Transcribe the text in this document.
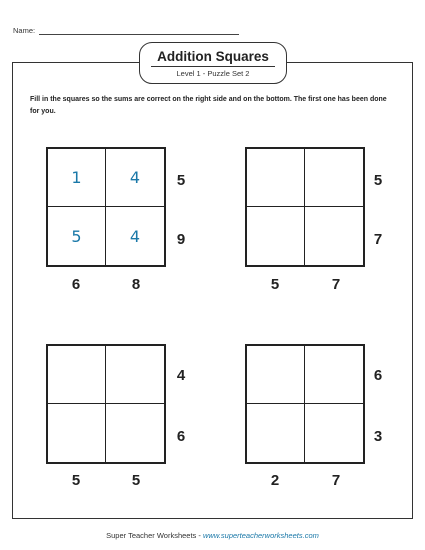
Name:
Addition Squares
Level 1 - Puzzle Set 2
Fill in the squares so the sums are correct on the right side and on the bottom. The first one has been done for you.
1	4
5	4
5
9
6	8
5
7
5	7
4
6
5	5
6
3
2	7
Super Teacher Worksheets - www.superteacherworksheets.com
